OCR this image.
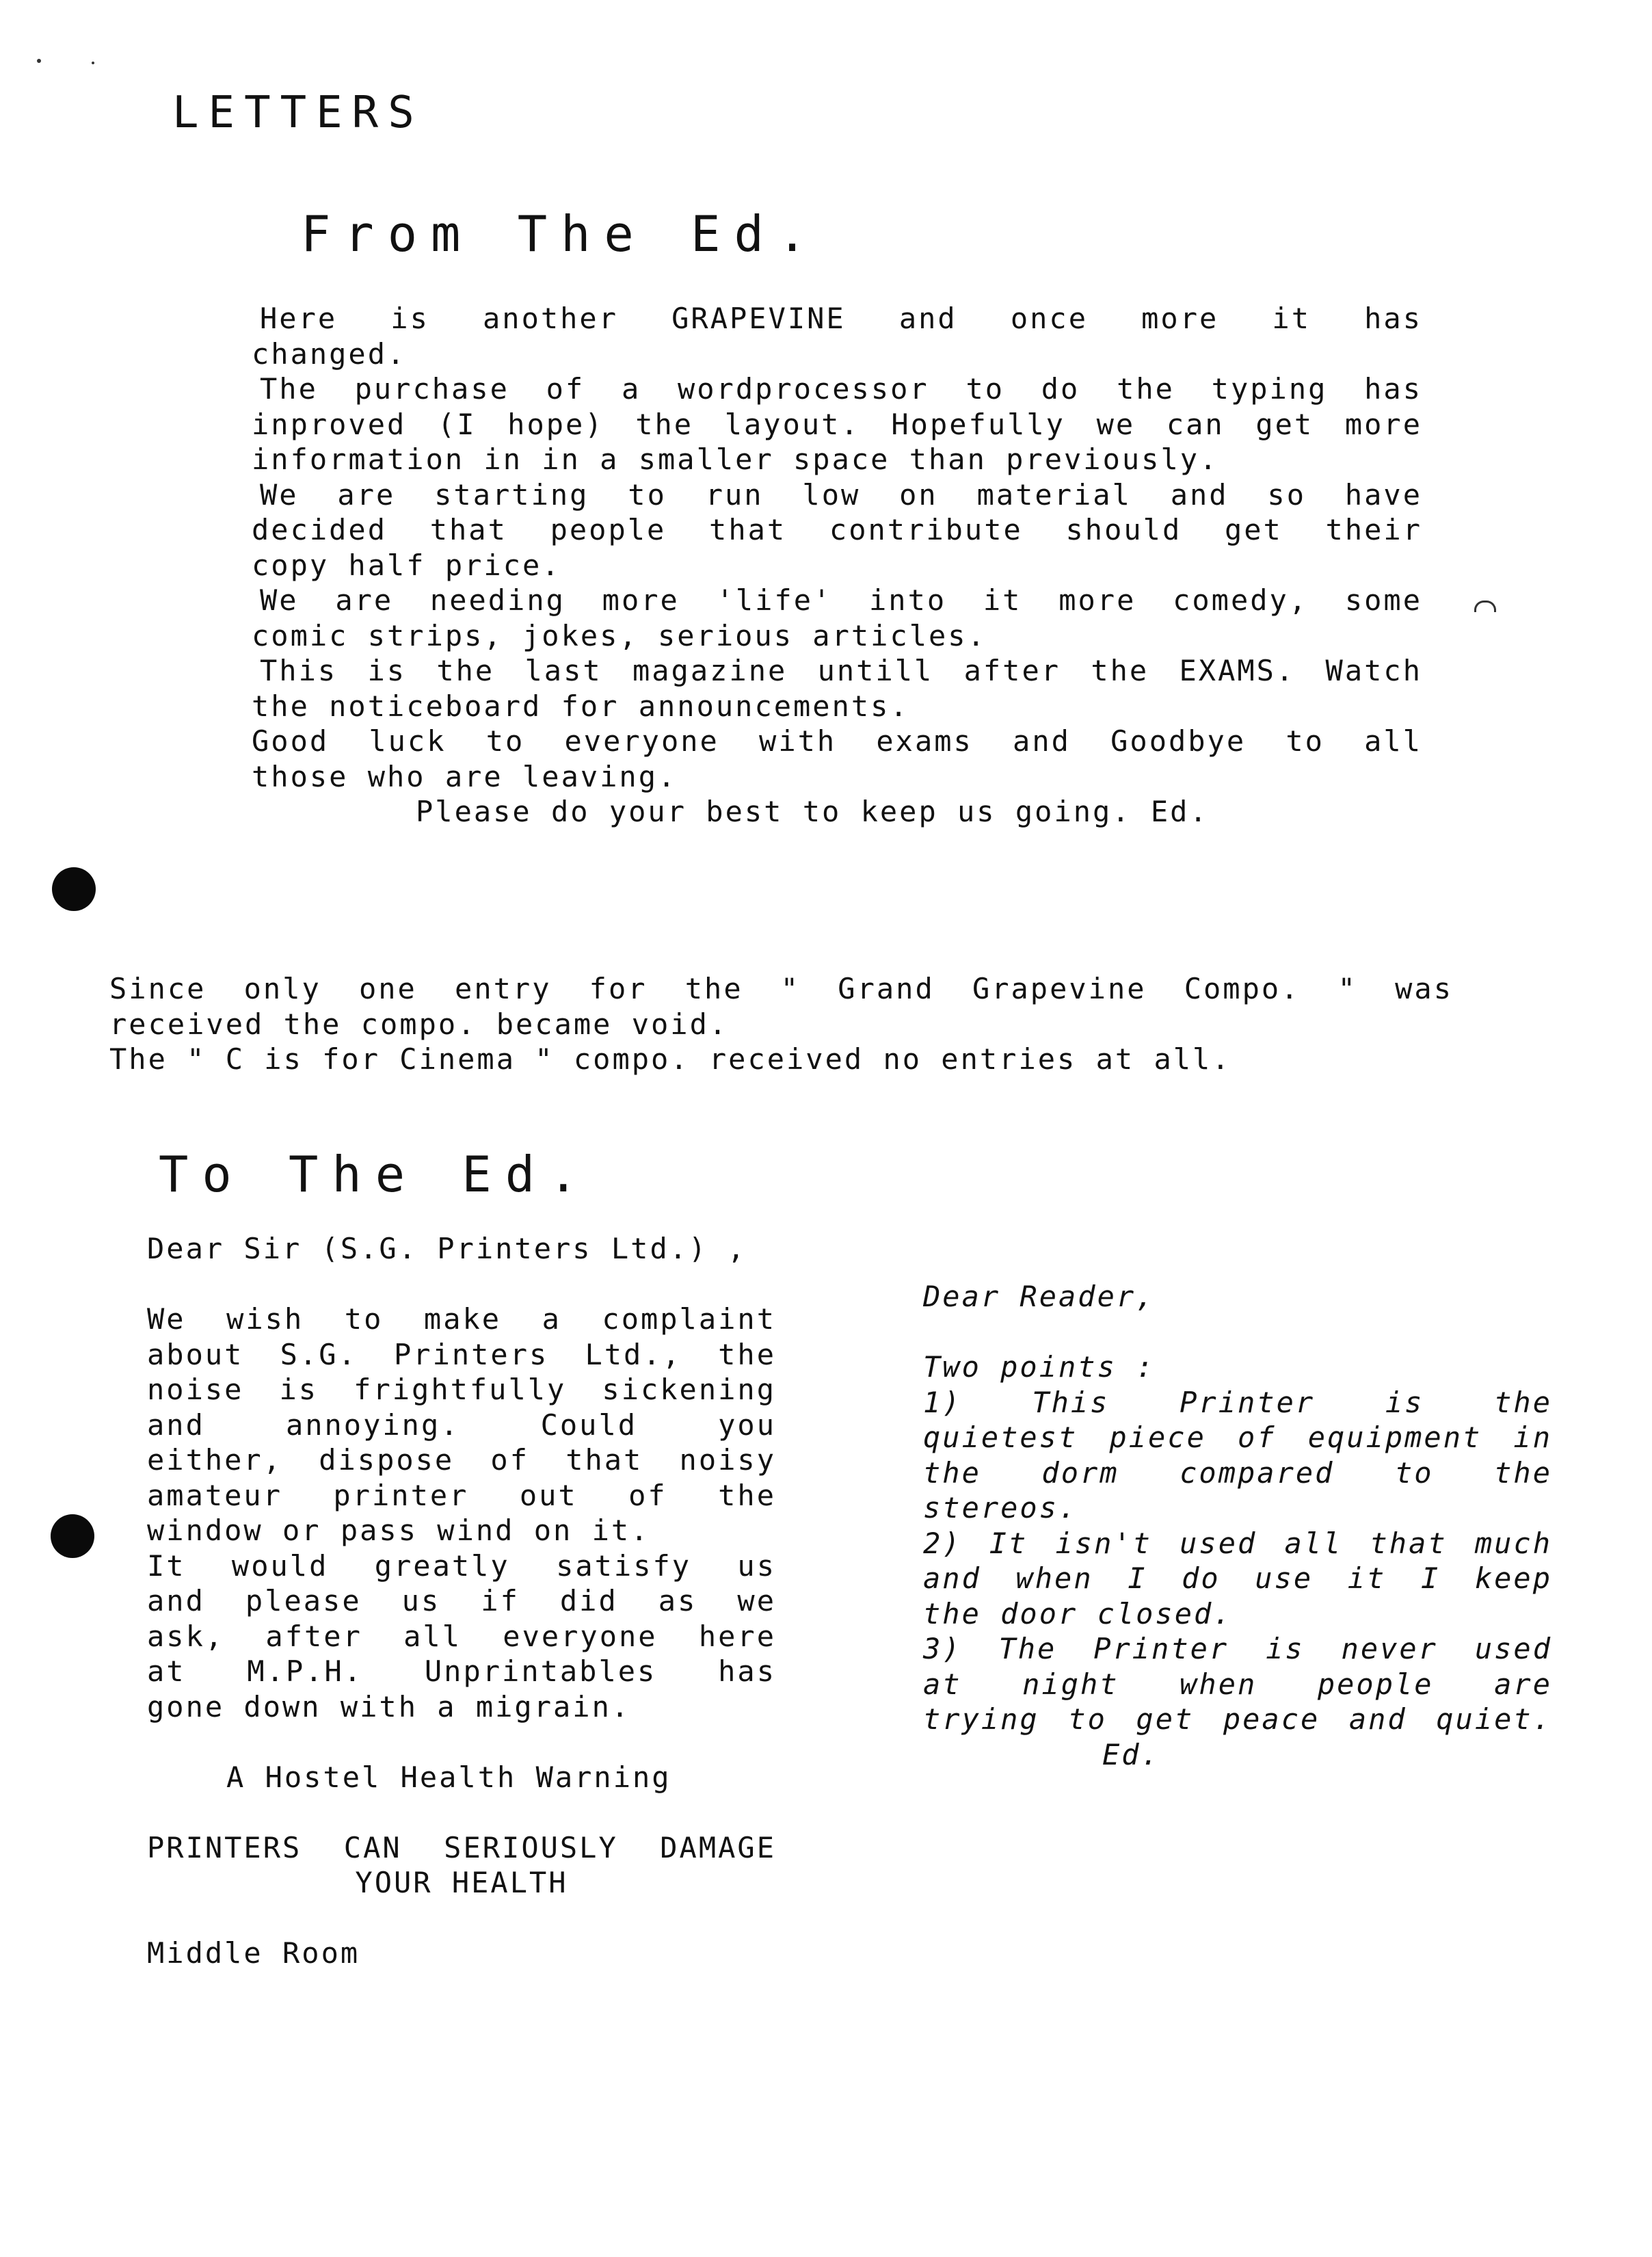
LETTERS
From The Ed.

Here is another GRAPEVINE and once more it has

changed.

The purchase of a wordprocessor to do the typing has

inproved (I hope) the layout. Hopefully we can get more

information in in a smaller space than previously.

We are starting to run low on material and so have

decided that people that contribute should get their

copy half price.

We are needing more 'life' into it more comedy, some

comic strips, jokes, serious articles.

This is the last magazine untill after the EXAMS. Watch

the noticeboard for announcements.

Good luck to everyone with exams and Goodbye to all

those who are leaving.

Please do your best to keep us going. Ed.

Since only one entry for the " Grand Grapevine Compo. " was

received the compo. became void.

The " C is for Cinema " compo. received no entries at all.

To The Ed.

Dear Sir (S.G. Printers Ltd.) ,

We wish to make a complaint

about S.G. Printers Ltd., the

noise is frightfully sickening

and annoying. Could you

either, dispose of that noisy

amateur printer out of the

window or pass wind on it.

It would greatly satisfy us

and please us if did as we

ask, after all everyone here

at M.P.H. Unprintables has

gone down with a migrain.

A Hostel Health Warning

PRINTERS CAN SERIOUSLY DAMAGE

YOUR HEALTH

Middle Room

Dear Reader,

Two points :

1) This Printer is the

quietest piece of equipment in

the dorm compared to the

stereos.

2) It isn't used all that much

and when I do use it I keep

the door closed.

3) The Printer is never used

at night when people are

trying to get peace and quiet.

Ed.
